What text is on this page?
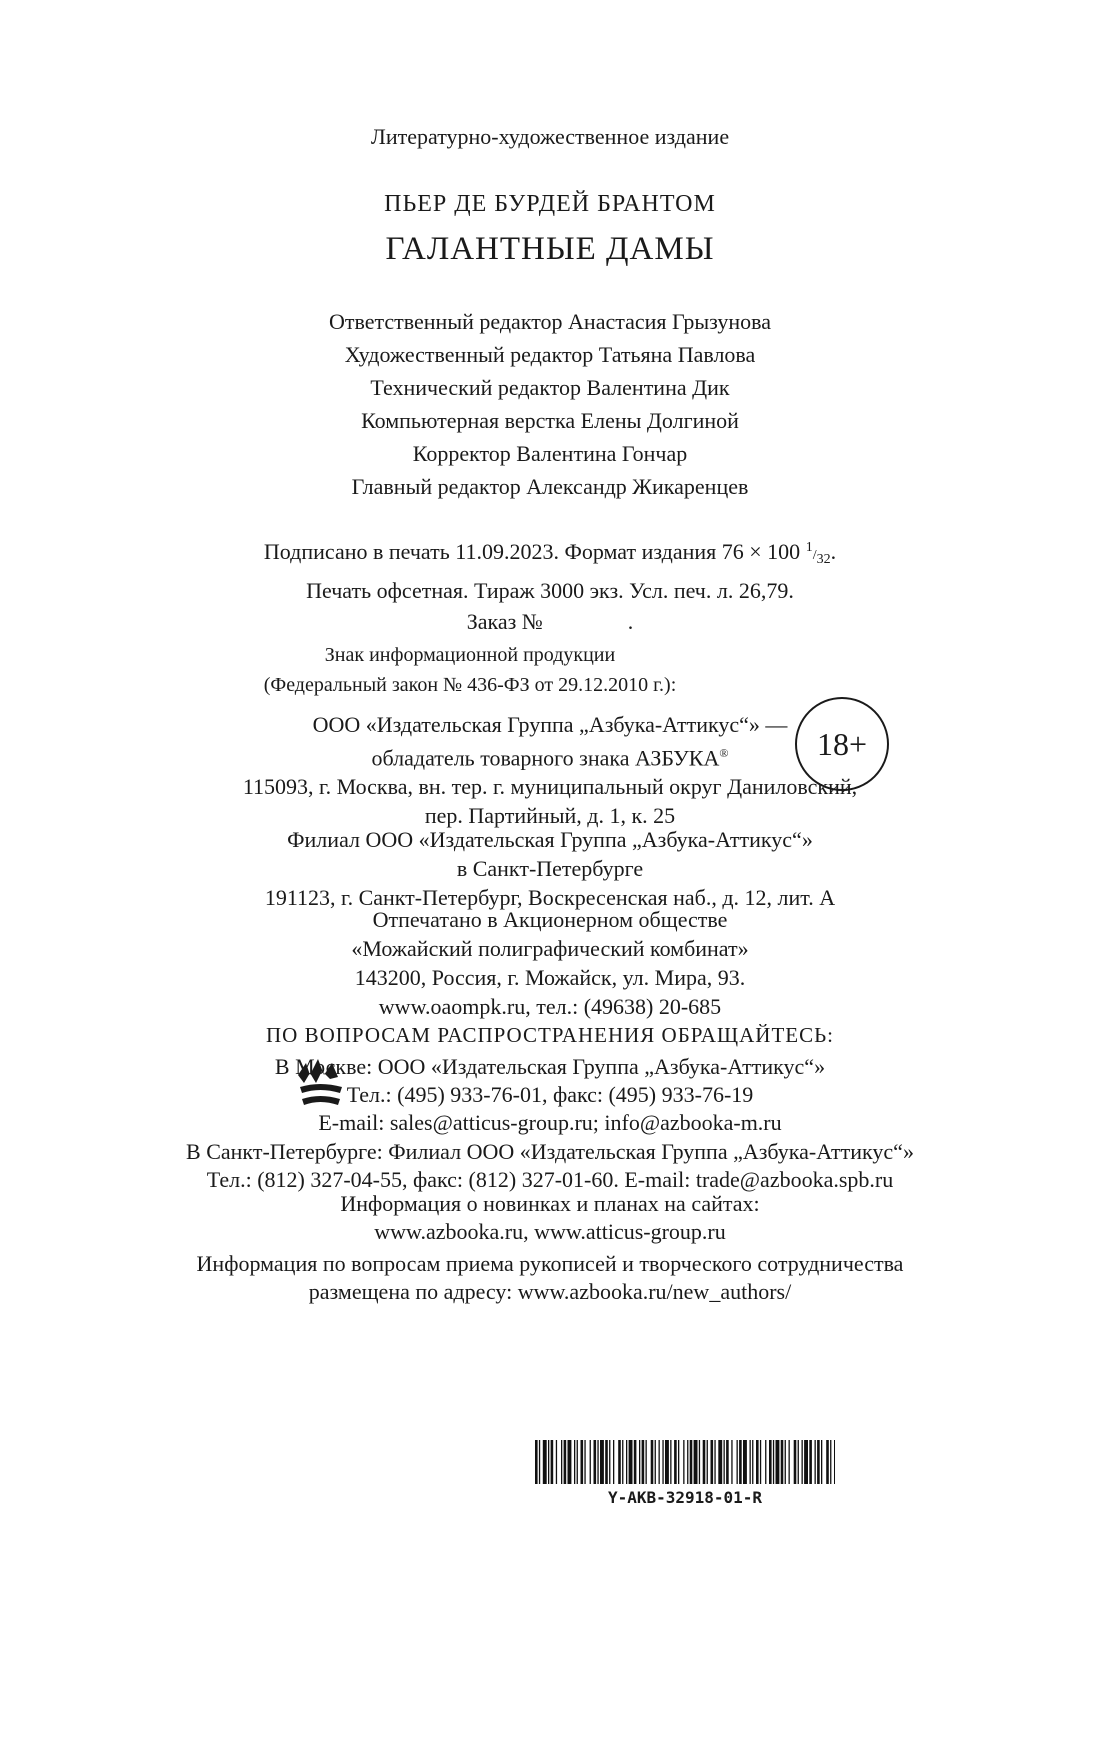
Литературно-художественное издание
ПЬЕР ДЕ БУРДЕЙ БРАНТОМ
ГАЛАНТНЫЕ ДАМЫ
Ответственный редактор Анастасия Грызунова
Художественный редактор Татьяна Павлова
Технический редактор Валентина Дик
Компьютерная верстка Елены Долгиной
Корректор Валентина Гончар
Главный редактор Александр Жикаренцев
Подписано в печать 11.09.2023. Формат издания 76 × 100 $^1/_{32}$.
Печать офсетная. Тираж 3000 экз. Усл. печ. л. 26,79.
Заказ №	.
Знак информационной продукции
(Федеральный закон № 436-ФЗ от 29.12.2010 г.):
18+
ООО «Издательская Группа „Азбука-Аттикус“» —
обладатель товарного знака АЗБУКА®
115093, г. Москва, вн. тер. г. муниципальный округ Даниловский,
пер. Партийный, д. 1, к. 25
Филиал ООО «Издательская Группа „Азбука-Аттикус“»
в Санкт-Петербурге
191123, г. Санкт-Петербург, Воскресенская наб., д. 12, лит. А
Отпечатано в Акционерном обществе
«Можайский полиграфический комбинат»
143200, Россия, г. Можайск, ул. Мира, 93.
www.oaompk.ru, тел.: (49638) 20-685
ПО ВОПРОСАМ РАСПРОСТРАНЕНИЯ ОБРАЩАЙТЕСЬ:
В Москве: ООО «Издательская Группа „Азбука-Аттикус“»
Тел.: (495) 933-76-01, факс: (495) 933-76-19
E-mail: sales@atticus-group.ru; info@azbooka-m.ru
В Санкт-Петербурге: Филиал ООО «Издательская Группа „Азбука-Аттикус“»
Тел.: (812) 327-04-55, факс: (812) 327-01-60. E-mail: trade@azbooka.spb.ru
Информация о новинках и планах на сайтах:
www.azbooka.ru, www.atticus-group.ru
Информация по вопросам приема рукописей и творческого сотрудничества
размещена по адресу: www.azbooka.ru/new_authors/
Y-AKB-32918-01-R
